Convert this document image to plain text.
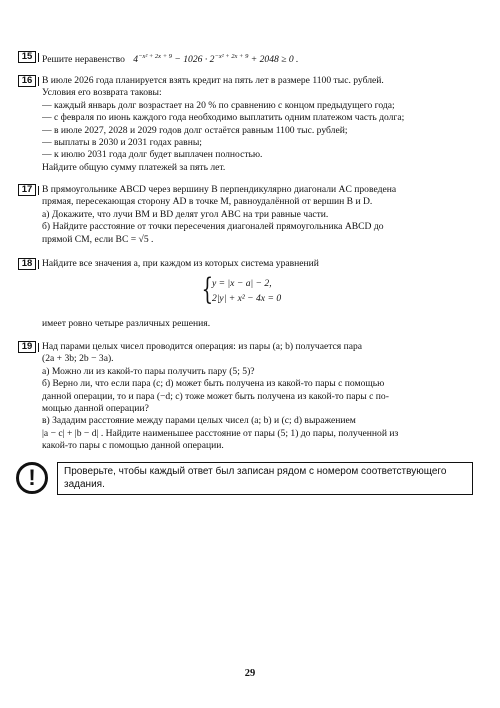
15	Решите неравенство $4^{-x^2 + 2x + 9} - 1026 \cdot 2^{-x^2 + 2x + 9} + 2048 \ge 0$ .
16	В июле 2026 года планируется взять кредит на пять лет в размере 1100 тыс. рублей.
Условия его возврата таковы:
— каждый январь долг возрастает на 20 % по сравнению с концом предыдущего года;
— с февраля по июнь каждого года необходимо выплатить одним платежом часть долга;
— в июле 2027, 2028 и 2029 годов долг остаётся равным 1100 тыс. рублей;
— выплаты в 2030 и 2031 годах равны;
— к июлю 2031 года долг будет выплачен полностью.
Найдите общую сумму платежей за пять лет.
17	В прямоугольнике ABCD через вершину B перпендикулярно диагонали AC проведена
прямая, пересекающая сторону AD в точке M, равноудалённой от вершин B и D.
а) Докажите, что лучи BM и BD делят угол ABC на три равные части.
б) Найдите расстояние от точки пересечения диагоналей прямоугольника ABCD до
прямой CM, если BC = √5 .
18	Найдите все значения a, при каждом из которых система уравнений
{
y = |x − a| − 2,
2|y| + x² − 4x = 0
имеет ровно четыре различных решения.
19	Над парами целых чисел проводится операция: из пары (a; b) получается пара
(2a + 3b; 2b − 3a).
а) Можно ли из какой-то пары получить пару (5; 5)?
б) Верно ли, что если пара (c; d) может быть получена из какой-то пары с помощью
данной операции, то и пара (−d; c) тоже может быть получена из какой-то пары с по-
мощью данной операции?
в) Зададим расстояние между парами целых чисел (a; b) и (c; d) выражением
|a − c| + |b − d| . Найдите наименьшее расстояние от пары (5; 1) до пары, полученной из
какой-то пары с помощью данной операции.
!	Проверьте, чтобы каждый ответ был записан рядом с номером соответствующего задания.
29
